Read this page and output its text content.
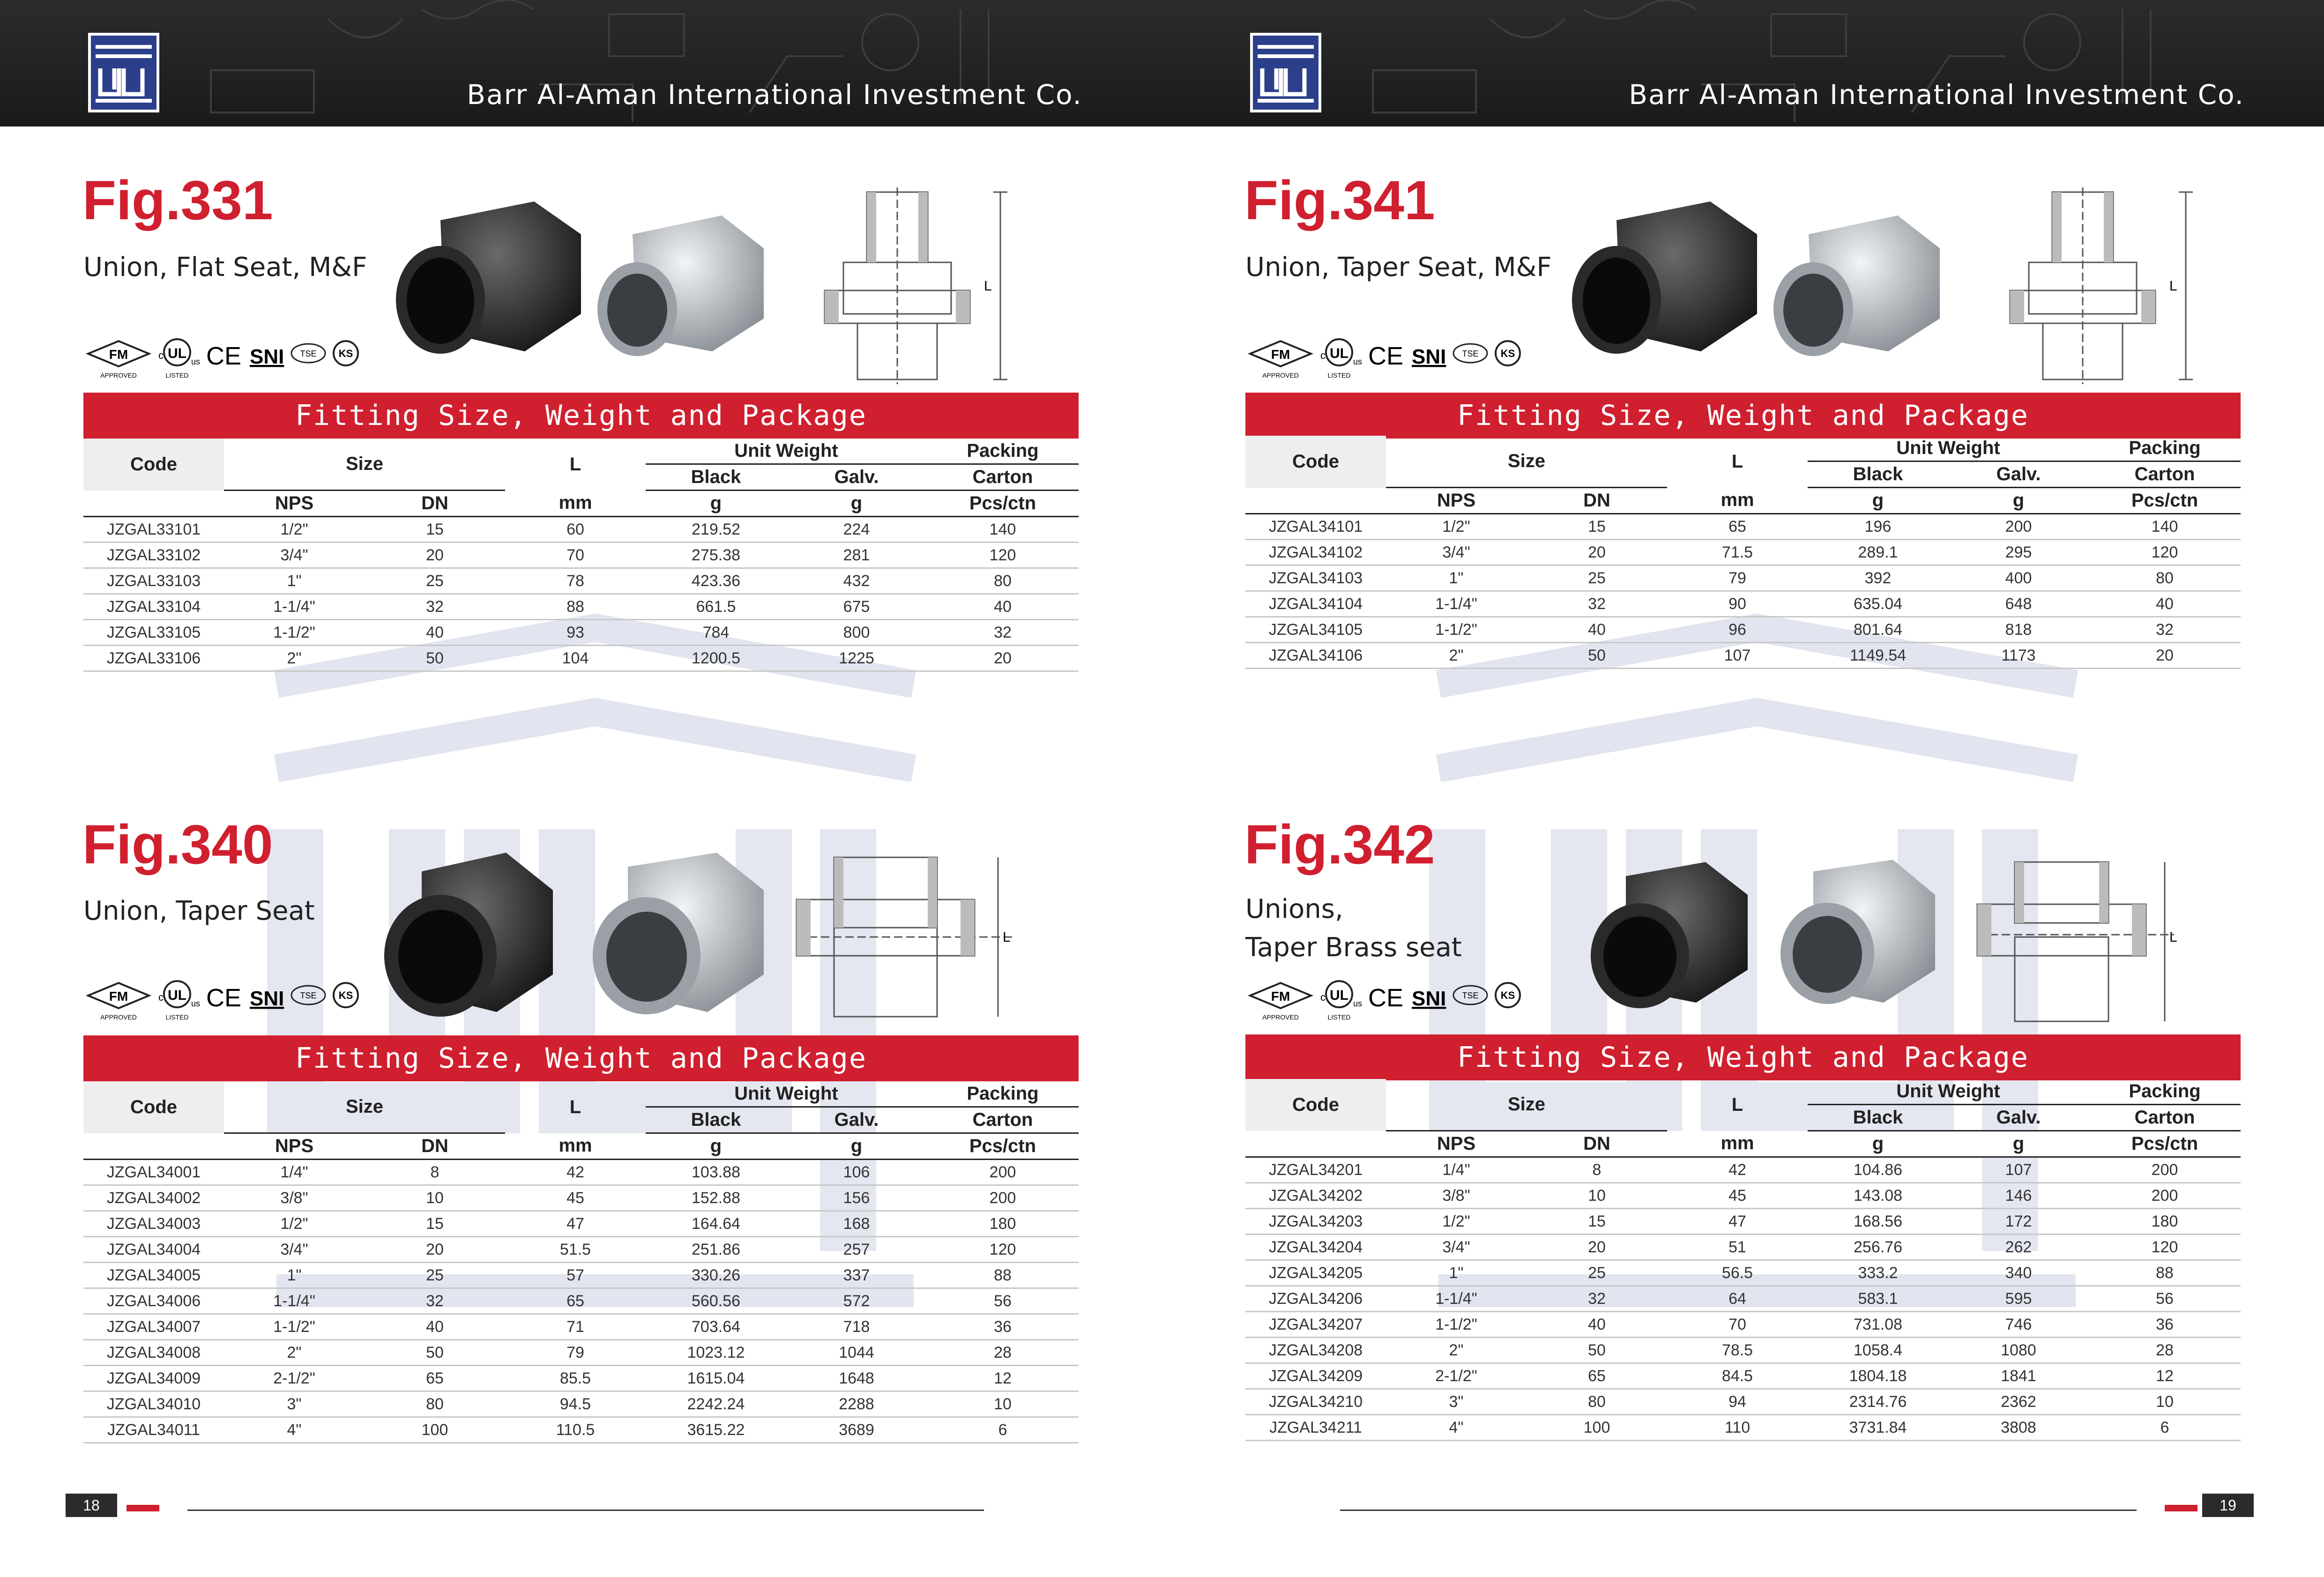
Barr Al-Aman International Investment Co.
Fig.331
Union, Flat Seat, M&F
FM
APPROVED
c UL
us
LISTED
CE SNI TSE KS
L
Fitting Size, Weight and Package
Code	Size		L	Unit Weight		Packing
				Black	Galv.	Carton
	NPS	DN	mm	g	g	Pcs/ctn
JZGAL33101	1/2"	15	60	219.52	224	140
JZGAL33102	3/4"	20	70	275.38	281	120
JZGAL33103	1"	25	78	423.36	432	80
JZGAL33104	1-1/4"	32	88	661.5	675	40
JZGAL33105	1-1/2"	40	93	784	800	32
JZGAL33106	2"	50	104	1200.5	1225	20
Fig.340
Union, Taper Seat
FM
APPROVED
c UL
us
LISTED
CE SNI TSE KS
L
Fitting Size, Weight and Package
Code	Size		L	Unit Weight		Packing
				Black	Galv.	Carton
	NPS	DN	mm	g	g	Pcs/ctn
JZGAL34001	1/4"	8	42	103.88	106	200
JZGAL34002	3/8"	10	45	152.88	156	200
JZGAL34003	1/2"	15	47	164.64	168	180
JZGAL34004	3/4"	20	51.5	251.86	257	120
JZGAL34005	1"	25	57	330.26	337	88
JZGAL34006	1-1/4"	32	65	560.56	572	56
JZGAL34007	1-1/2"	40	71	703.64	718	36
JZGAL34008	2"	50	79	1023.12	1044	28
JZGAL34009	2-1/2"	65	85.5	1615.04	1648	12
JZGAL34010	3"	80	94.5	2242.24	2288	10
JZGAL34011	4"	100	110.5	3615.22	3689	6
18
Barr Al-Aman International Investment Co.
Fig.341
Union, Taper Seat, M&F
FM
APPROVED
c UL
us
LISTED
CE SNI TSE KS
L
Fitting Size, Weight and Package
Code	Size		L	Unit Weight		Packing
				Black	Galv.	Carton
	NPS	DN	mm	g	g	Pcs/ctn
JZGAL34101	1/2"	15	65	196	200	140
JZGAL34102	3/4"	20	71.5	289.1	295	120
JZGAL34103	1"	25	79	392	400	80
JZGAL34104	1-1/4"	32	90	635.04	648	40
JZGAL34105	1-1/2"	40	96	801.64	818	32
JZGAL34106	2"	50	107	1149.54	1173	20
Fig.342
Unions,
Taper Brass seat
FM
APPROVED
c UL
us
LISTED
CE SNI TSE KS
L
Fitting Size, Weight and Package
Code	Size		L	Unit Weight		Packing
				Black	Galv.	Carton
	NPS	DN	mm	g	g	Pcs/ctn
JZGAL34201	1/4"	8	42	104.86	107	200
JZGAL34202	3/8"	10	45	143.08	146	200
JZGAL34203	1/2"	15	47	168.56	172	180
JZGAL34204	3/4"	20	51	256.76	262	120
JZGAL34205	1"	25	56.5	333.2	340	88
JZGAL34206	1-1/4"	32	64	583.1	595	56
JZGAL34207	1-1/2"	40	70	731.08	746	36
JZGAL34208	2"	50	78.5	1058.4	1080	28
JZGAL34209	2-1/2"	65	84.5	1804.18	1841	12
JZGAL34210	3"	80	94	2314.76	2362	10
JZGAL34211	4"	100	110	3731.84	3808	6
19
